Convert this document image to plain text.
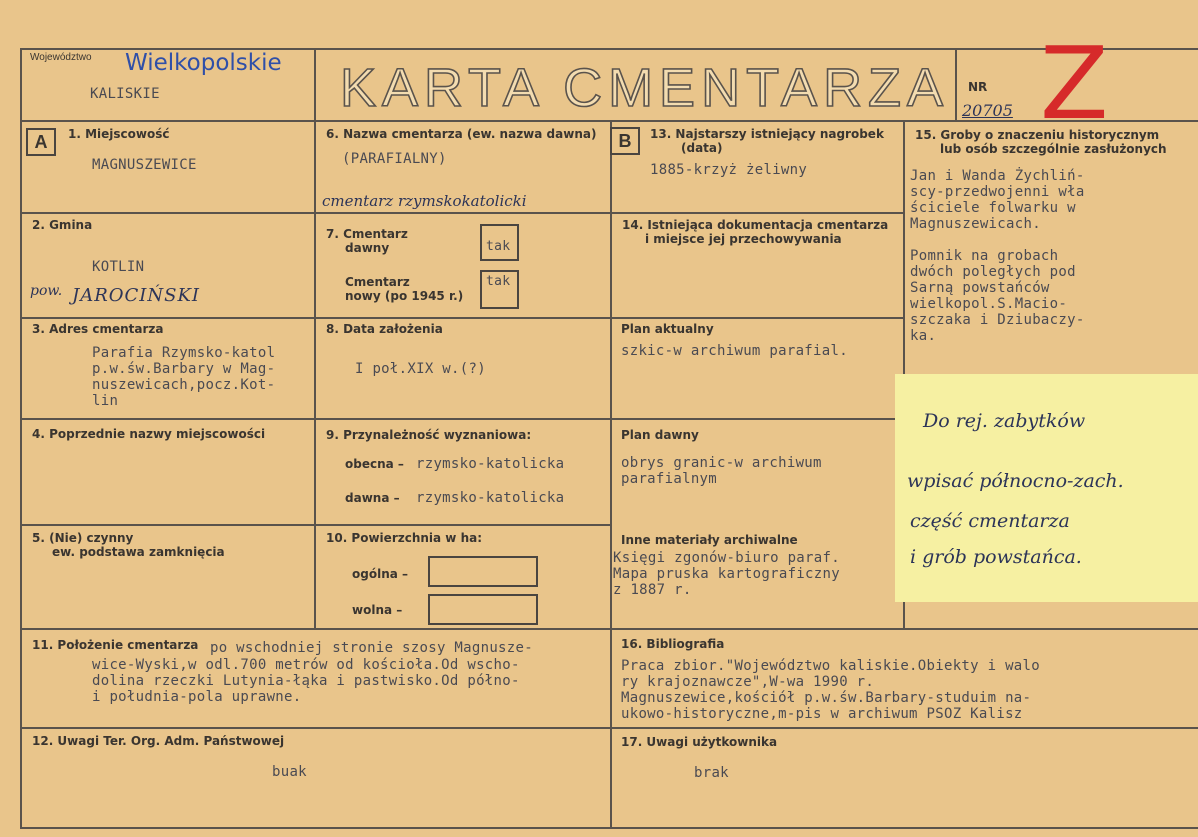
Województwo Wielkopolskie
KALISKIE	KARTA CMENTARZA NR
20705 Z
A	1. Miejscowość
MAGNUSZEWICE
2. Gmina
KOTLIN
pow. JAROCIŃSKI
3. Adres cmentarza
Parafia Rzymsko-katol
p.w.św.Barbary w Mag-
nuszewicach,pocz.Kot-
lin
4. Poprzednie nazwy miejscowości
5. (Nie) czynny
ew. podstawa zamknięcia
6. Nazwa cmentarza (ew. nazwa dawna)
(PARAFIALNY)
cmentarz rzymskokatolicki
7. Cmentarz
dawny	tak
Cmentarz
nowy (po 1945 r.)
tak
8. Data założenia
I poł.XIX w.(?)
9. Przynależność wyznaniowa:
obecna – rzymsko-katolicka
dawna – rzymsko-katolicka
10. Powierzchnia w ha:
ogólna –
wolna –
B	13. Najstarszy istniejący nagrobek
(data)
1885-krzyż żeliwny
14. Istniejąca dokumentacja cmentarza
i miejsce jej przechowywania
Plan aktualny
szkic-w archiwum parafial.
Plan dawny
obrys granic-w archiwum
parafialnym
Inne materiały archiwalne
Księgi zgonów-biuro paraf.
Mapa pruska kartograficzny
z 1887 r.
15. Groby o znaczeniu historycznym
lub osób szczególnie zasłużonych
Jan i Wanda Żychliń-
scy-przedwojenni wła
ściciele folwarku w
Magnuszewicach.

Pomnik na grobach
dwóch poległych pod
Sarną powstańców
wielkopol.S.Macio-
szczaka i Dziubaczy-
ka.
Do rej. zabytków
wpisać północno-zach.
część cmentarza
i grób powstańca.
11. Położenie cmentarza po wschodniej stronie szosy Magnusze-
wice-Wyski,w odl.700 metrów od kościoła.Od wscho-
dolina rzeczki Lutynia-łąka i pastwisko.Od półno-
i południa-pola uprawne.
16. Bibliografia
Praca zbior."Województwo kaliskie.Obiekty i walo
ry krajoznawcze",W-wa 1990 r.
Magnuszewice,kościół p.w.św.Barbary-studuim na-
ukowo-historyczne,m-pis w archiwum PSOZ Kalisz
12. Uwagi Ter. Org. Adm. Państwowej
buak
17. Uwagi użytkownika
brak
